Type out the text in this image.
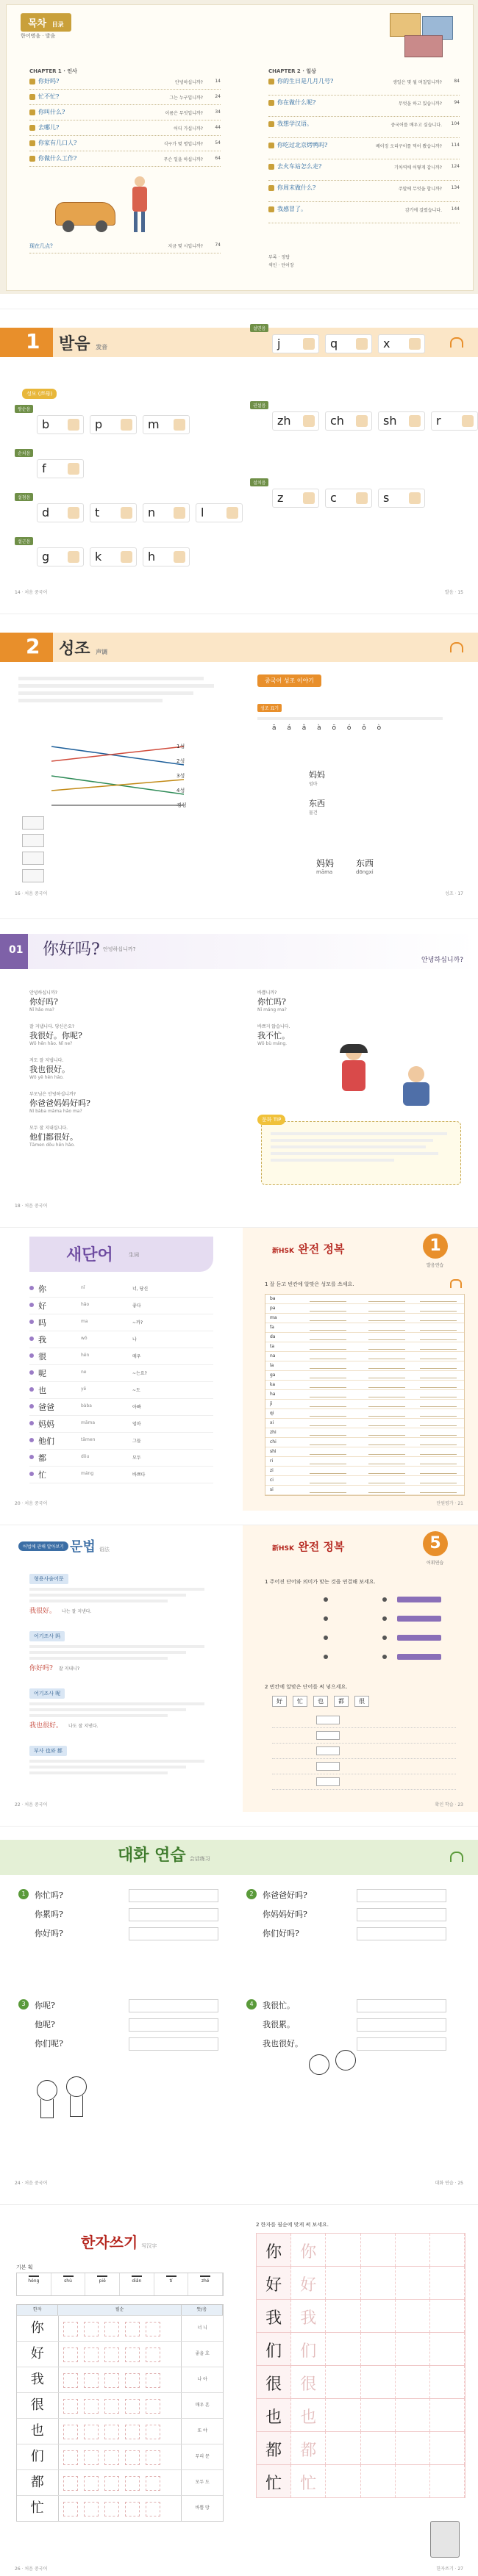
목차 目录
한어병음 · 발음
CHAPTER 1 · 인사	CHAPTER 2 · 일상
你好吗?	안녕하십니까?	14
忙不忙?	그는 누구입니까?	24
你叫什么?	이름은 무엇입니까?	34
去哪儿?	어디 가십니까?	44
你家有几口人?	식구가 몇 명입니까?	54
你做什么工作?	무슨 일을 하십니까?	64
你的生日是几月几号?	생일은 몇 월 며칠입니까?	84
你在做什么呢?	무엇을 하고 있습니까?	94
我想学汉语。	중국어를 배우고 싶습니다. 104
你吃过北京烤鸭吗?	베이징 오리구이를 먹어 봤습니까? 114
去火车站怎么走?	기차역에 어떻게 갑니까? 124
你周末做什么?	주말에 무엇을 합니까? 134
我感冒了。	감기에 걸렸습니다. 144
现在几点?	지금 몇 시입니까?	74
부록 · 정답
색인 · 단어장
1 발음 发音
성모 (声母)
쌍순음
b	p	m
순치음
f
설첨음
d	t	n	l
설근음
g	k	h
설면음
j	q	x
권설음
zh	ch	sh	r
설치음
z	c	s
14 · 처음 중국어	발음 · 15
2 성조 声调
1성
2성
3성
4성
경성
중국어 성조 이야기
성조 표기
ā á ǎ à ō ó ǒ ò
妈妈
엄마
东西
물건
妈妈
māma
东西
dōngxi
16 · 처음 중국어	성조 · 17
01 你好吗? 안녕하십니까?
안녕하십니까?
안녕하십니까?
你好吗?
Nǐ hǎo ma?
잘 지냅니다. 당신은요?
我很好。你呢?
Wǒ hěn hǎo. Nǐ ne?
저도 잘 지냅니다.
我也很好。
Wǒ yě hěn hǎo.
부모님은 안녕하십니까?
你爸爸妈妈好吗?
Nǐ bàba māma hǎo ma?
모두 잘 지내십니다.
他们都很好。
Tāmen dōu hěn hǎo.
바쁩니까?
你忙吗?
Nǐ máng ma?
바쁘지 않습니다.
我不忙。
Wǒ bù máng.
문화 TIP
18 · 처음 중국어
새단어	生词
你	nǐ	너, 당신
好	hǎo	좋다
吗	ma	~까?
我	wǒ	나
很	hěn	매우
呢	ne	~는요?
也	yě	~도
爸爸	bàba	아빠
妈妈	māma	엄마
他们	tāmen	그들
都	dōu	모두
忙	máng	바쁘다
20 · 처음 중국어
新HSK 완전 정복	1
발음연습
1 잘 듣고 빈칸에 알맞은 성모를 쓰세요.
ba
pa
ma
fa
da
ta
na
la
ga
ka
ha
ji
qi
xi
zhi
chi
shi
ri
zi
ci
si
단원평가 · 21
어법에 관해 알아보기 문법 语法
형용사술어문
我很好。 나는 잘 지낸다.
어기조사 吗
你好吗? 잘 지내니?
어기조사 呢
我也很好。 나도 잘 지낸다.
부사 也와 都
22 · 처음 중국어
新HSK 완전 정복	5
어휘연습
1 주어진 단어와 의미가 맞는 것을 연결해 보세요.
2 빈칸에 알맞은 단어를 써 넣으세요.
好	忙	也	都	很
확인 학습 · 23
대화 연습 会话练习
1	你忙吗?
你累吗?
你好吗?
2	你爸爸好吗?
你妈妈好吗?
你们好吗?
3	你呢?
他呢?
你们呢?
4	我很忙。
我很累。
我也很好。
24 · 처음 중국어	대화 연습 · 25
한자쓰기 写汉字
기본 획
héng	shù	piě	diǎn	tí	zhé
한자	필순	뜻/음
你	너 니
好	좋을 호
我	나 아
很	매우 흔
也	또 야
们	무리 문
都	모두 도
忙	바쁠 망
26 · 처음 중국어
2 한자를 필순에 맞게 써 보세요.
你	你
好	好
我	我
们	们
很	很
也	也
都	都
忙	忙
한자쓰기 · 27
